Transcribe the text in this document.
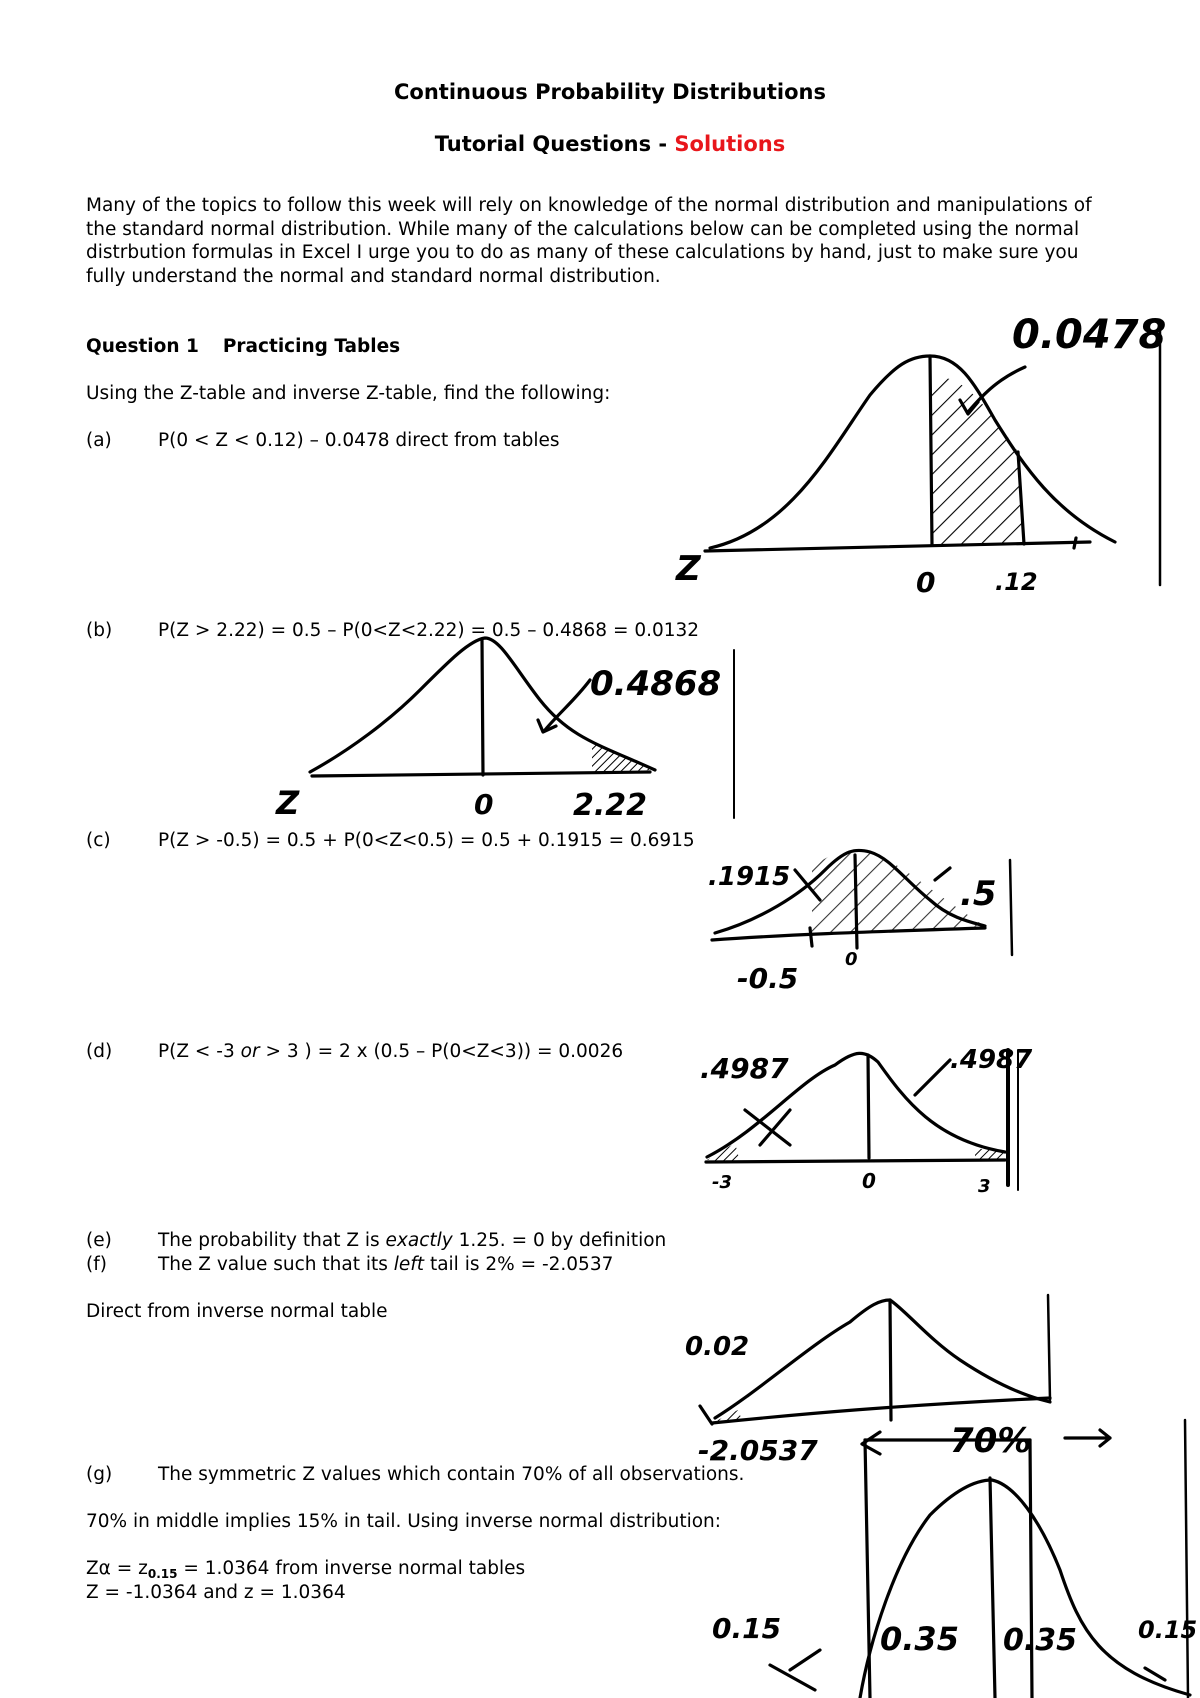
Continuous Probability Distributions
Tutorial Questions - Solutions

Many of the topics to follow this week will rely on knowledge of the normal distribution and manipulations of the standard normal distribution. While many of the calculations below can be completed using the normal distrbution formulas in Excel I urge you to do as many of these calculations by hand, just to make sure you fully understand the normal and standard normal distribution.

Question 1 Practicing Tables
Using the Z-table and inverse Z-table, find the following:
(a) P(0 < Z < 0.12) – 0.0478 direct from tables
(b) P(Z > 2.22) = 0.5 – P(0<Z<2.22) = 0.5 – 0.4868 = 0.0132
(c)	P(Z > -0.5) = 0.5 + P(0<Z<0.5) = 0.5 + 0.1915 = 0.6915
(d) P(Z < -3 or > 3 ) = 2 x (0.5 – P(0<Z<3)) = 0.0026
(e) The probability that Z is exactly 1.25. = 0 by definition
(f)	The Z value such that its left tail is 2% = -2.0537
Direct from inverse normal table
(g) The symmetric Z values which contain 70% of all observations.
70% in middle implies 15% in tail. Using inverse normal distribution:
$Z\alpha = z_{0.15} = 1.0364$ from inverse normal tables
Z = -1.0364 and z = 1.0364
0.0478
Z	0 .12
0.4868
Z	0	2.22
.1915	.5
0
-0.5
.4987	.4987
-3	0	3
0.02
-2.0537	70%
0.15	0.35 0.35	0.15
